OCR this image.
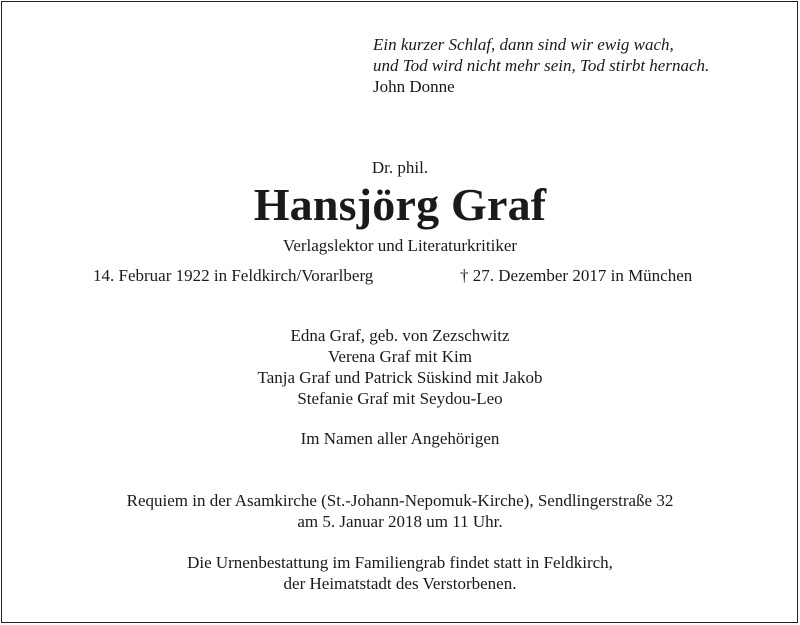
Ein kurzer Schlaf, dann sind wir ewig wach,
und Tod wird nicht mehr sein, Tod stirbt hernach.
John Donne
Dr. phil.
Hansjörg Graf
Verlagslektor und Literaturkritiker
14. Februar 1922 in Feldkirch/Vorarlberg	† 27. Dezember 2017 in München
Edna Graf, geb. von Zezschwitz
Verena Graf mit Kim
Tanja Graf und Patrick Süskind mit Jakob
Stefanie Graf mit Seydou-Leo
Im Namen aller Angehörigen
Requiem in der Asamkirche (St.-Johann-Nepomuk-Kirche), Sendlingerstraße 32
am 5. Januar 2018 um 11 Uhr.
Die Urnenbestattung im Familiengrab findet statt in Feldkirch,
der Heimatstadt des Verstorbenen.
